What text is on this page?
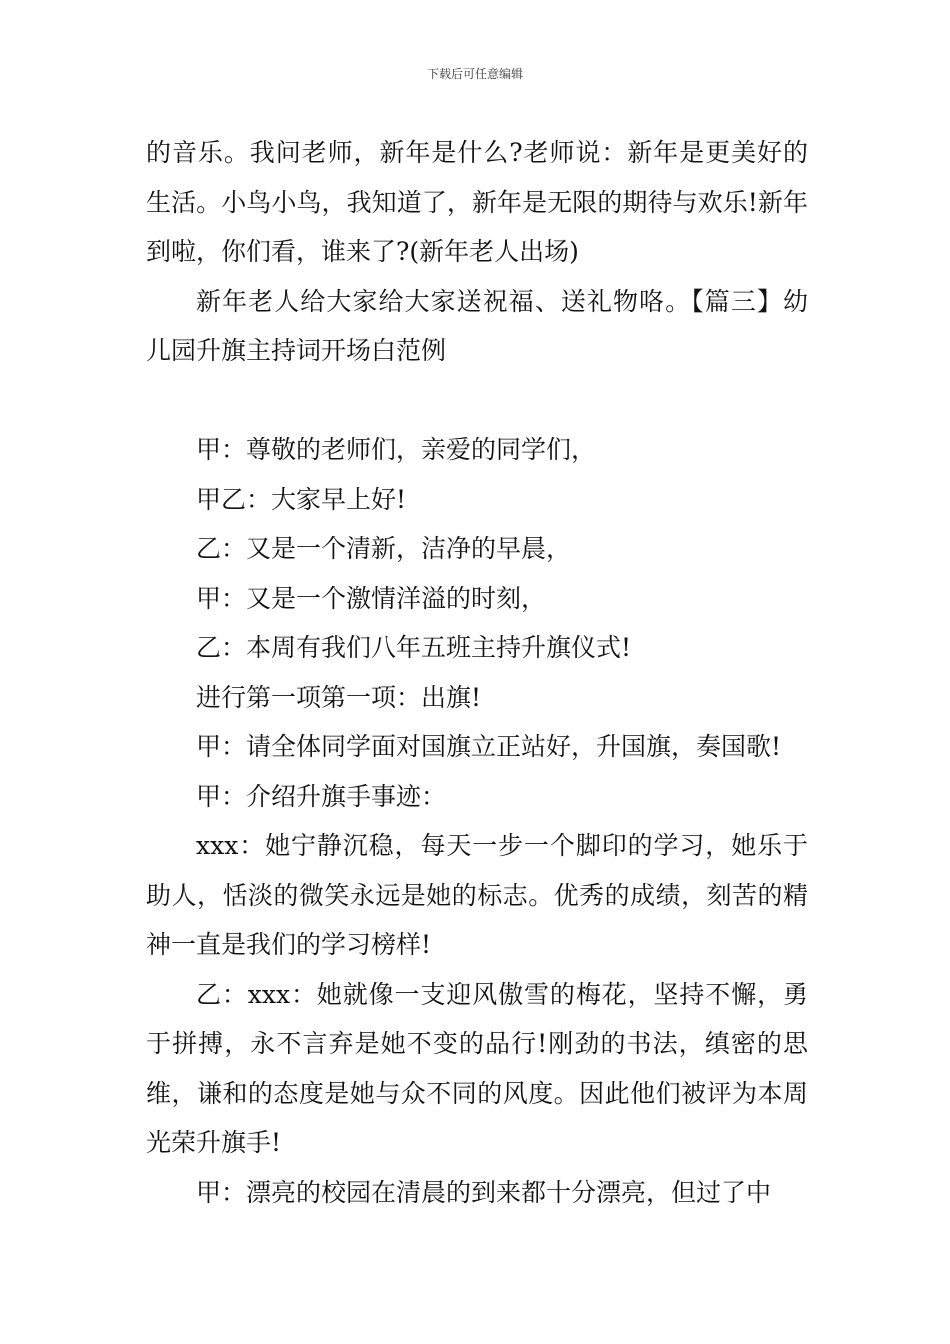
下载后可任意编辑

的音乐。我问老师，新年是什么?老师说：新年是更美好的生活。小鸟小鸟，我知道了，新年是无限的期待与欢乐!新年到啦，你们看，谁来了?(新年老人出场)

新年老人给大家给大家送祝福、送礼物咯。【篇三】幼儿园升旗主持词开场白范例

甲：尊敬的老师们，亲爱的同学们，

甲乙：大家早上好!

乙：又是一个清新，洁净的早晨，

甲：又是一个激情洋溢的时刻，

乙：本周有我们八年五班主持升旗仪式!

进行第一项第一项：出旗!

甲：请全体同学面对国旗立正站好，升国旗，奏国歌!

甲：介绍升旗手事迹：

xxx：她宁静沉稳，每天一步一个脚印的学习，她乐于助人，恬淡的微笑永远是她的标志。优秀的成绩，刻苦的精神一直是我们的学习榜样!

乙：xxx：她就像一支迎风傲雪的梅花，坚持不懈，勇于拼搏，永不言弃是她不变的品行!刚劲的书法，缜密的思维，谦和的态度是她与众不同的风度。因此他们被评为本周光荣升旗手!

甲：漂亮的校园在清晨的到来都十分漂亮，但过了中
